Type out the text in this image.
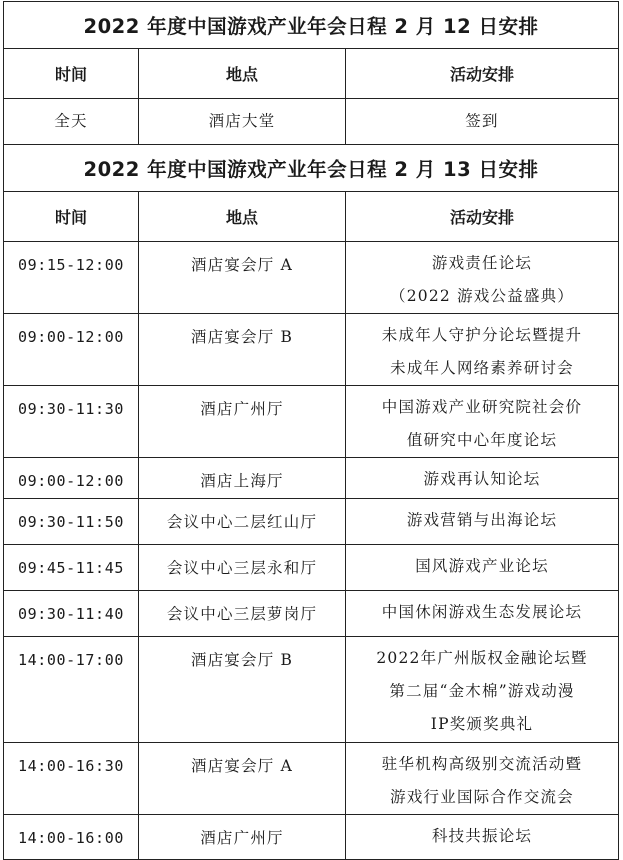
2022 年度中国游戏产业年会日程 2 月 12 日安排		
时间	地点	活动安排
全天	酒店大堂	签到
2022 年度中国游戏产业年会日程 2 月 13 日安排		
时间	地点	活动安排
09:15-12:00	酒店宴会厅 A	游戏责任论坛
（2022 游戏公益盛典）

09:00-12:00	酒店宴会厅 B	未成年人守护分论坛暨提升
未成年人网络素养研讨会

09:30-11:30	酒店广州厅	中国游戏产业研究院社会价
值研究中心年度论坛

09:00-12:00	酒店上海厅	游戏再认知论坛

09:30-11:50	会议中心二层红山厅	游戏营销与出海论坛

09:45-11:45	会议中心三层永和厅	国风游戏产业论坛

09:30-11:40	会议中心三层萝岗厅	中国休闲游戏生态发展论坛

14:00-17:00	酒店宴会厅 B	2022年广州版权金融论坛暨
第二届“金木棉”游戏动漫
IP奖颁奖典礼

14:00-16:30	酒店宴会厅 A	驻华机构高级别交流活动暨
游戏行业国际合作交流会

14:00-16:00	酒店广州厅	科技共振论坛
